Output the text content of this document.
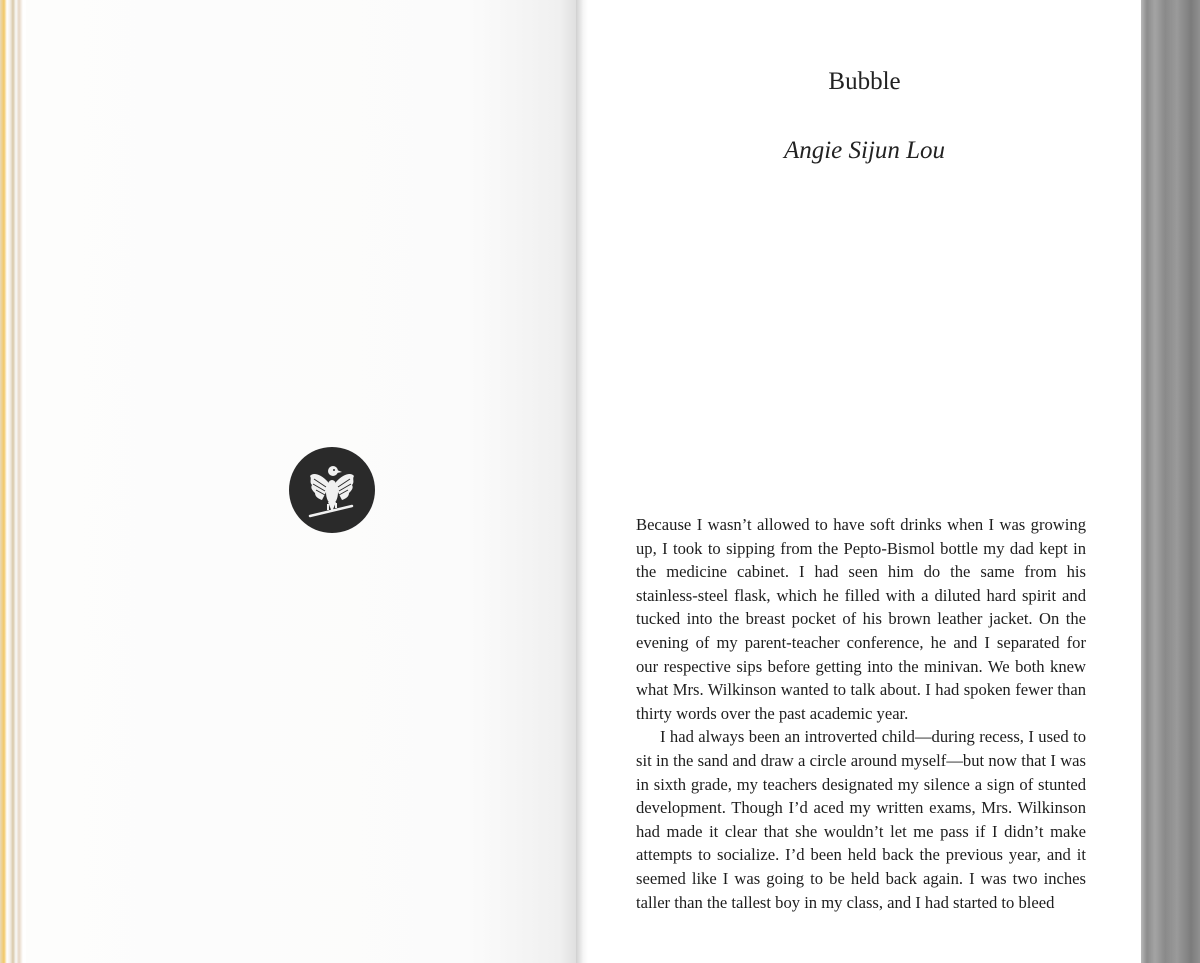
Bubble
Angie Sijun Lou

Because I wasn’t allowed to have soft drinks when I was growing up, I took to sipping from the Pepto-Bismol bottle my dad kept in the medicine cabinet. I had seen him do the same from his stainless-steel flask, which he filled with a diluted hard spirit and tucked into the breast pocket of his brown leather jacket. On the evening of my parent-teacher conference, he and I separated for our respective sips before getting into the minivan. We both knew what Mrs. Wilkinson wanted to talk about. I had spoken fewer than thirty words over the past academic year.

I had always been an introverted child—during recess, I used to sit in the sand and draw a circle around myself—but now that I was in sixth grade, my teachers designated my silence a sign of stunted development. Though I’d aced my written exams, Mrs. Wilkinson had made it clear that she wouldn’t let me pass if I didn’t make attempts to socialize. I’d been held back the previous year, and it seemed like I was going to be held back again. I was two inches taller than the tallest boy in my class, and I had started to bleed
